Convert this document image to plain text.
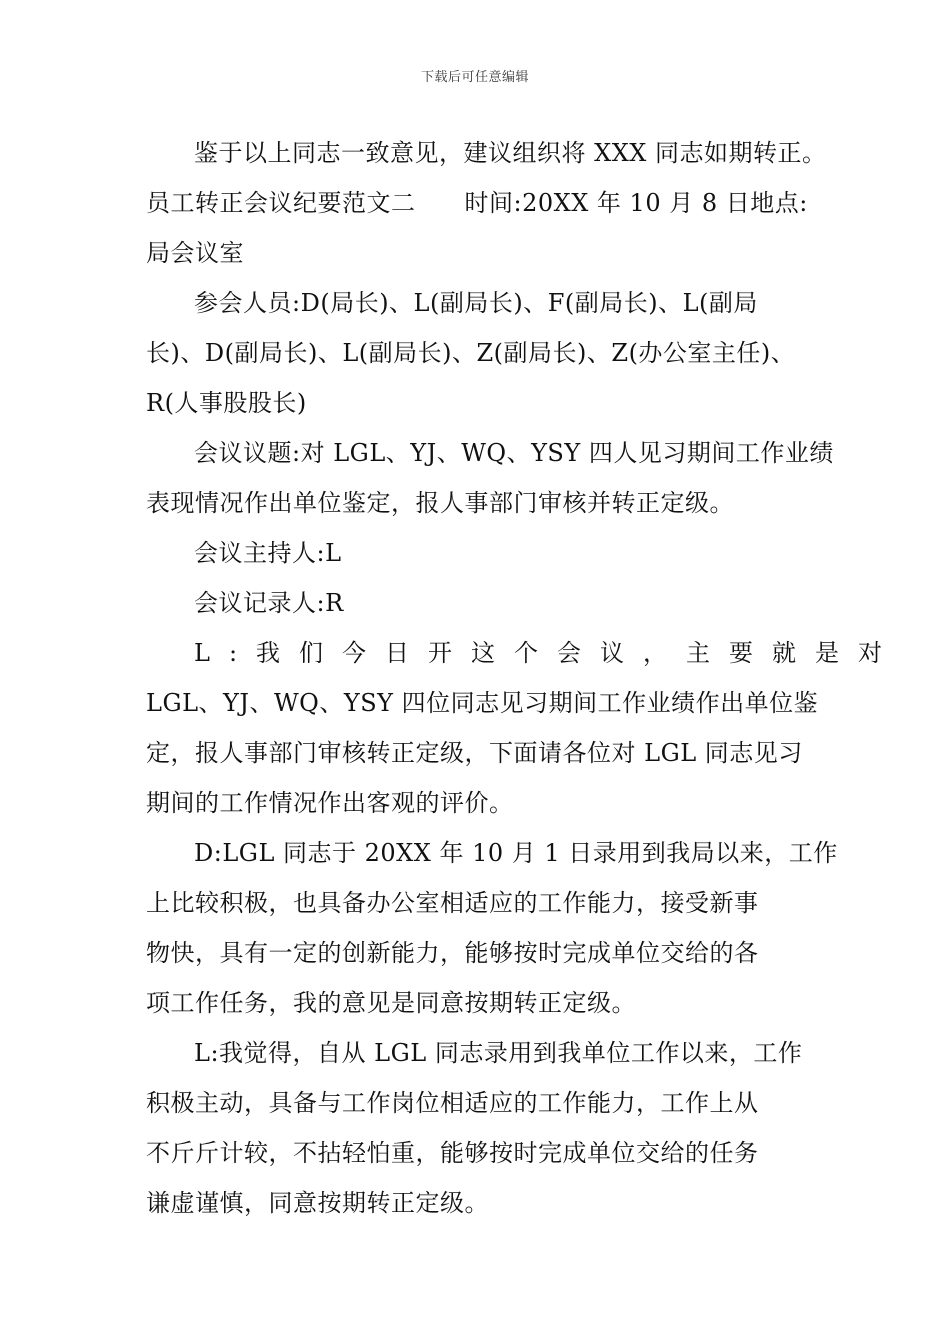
下载后可任意编辑

鉴于以上同志一致意见，建议组织将 XXX 同志如期转正。

员工转正会议纪要范文二　　时间:20XX 年 10 月 8 日地点:
局会议室

参会人员:D(局长)、L(副局长)、F(副局长)、L(副局
长)、D(副局长)、L(副局长)、Z(副局长)、Z(办公室主任)、
R(人事股股长)

会议议题:对 LGL、YJ、WQ、YSY 四人见习期间工作业绩
表现情况作出单位鉴定，报人事部门审核并转正定级。

会议主持人:L

会议记录人:R

L:我们今日开这个会议，主要就是对
LGL、YJ、WQ、YSY 四位同志见习期间工作业绩作出单位鉴
定，报人事部门审核转正定级，下面请各位对 LGL 同志见习
期间的工作情况作出客观的评价。

D:LGL 同志于 20XX 年 10 月 1 日录用到我局以来，工作
上比较积极，也具备办公室相适应的工作能力，接受新事
物快，具有一定的创新能力，能够按时完成单位交给的各
项工作任务，我的意见是同意按期转正定级。

L:我觉得，自从 LGL 同志录用到我单位工作以来，工作
积极主动，具备与工作岗位相适应的工作能力，工作上从
不斤斤计较，不拈轻怕重，能够按时完成单位交给的任务
谦虚谨慎，同意按期转正定级。
